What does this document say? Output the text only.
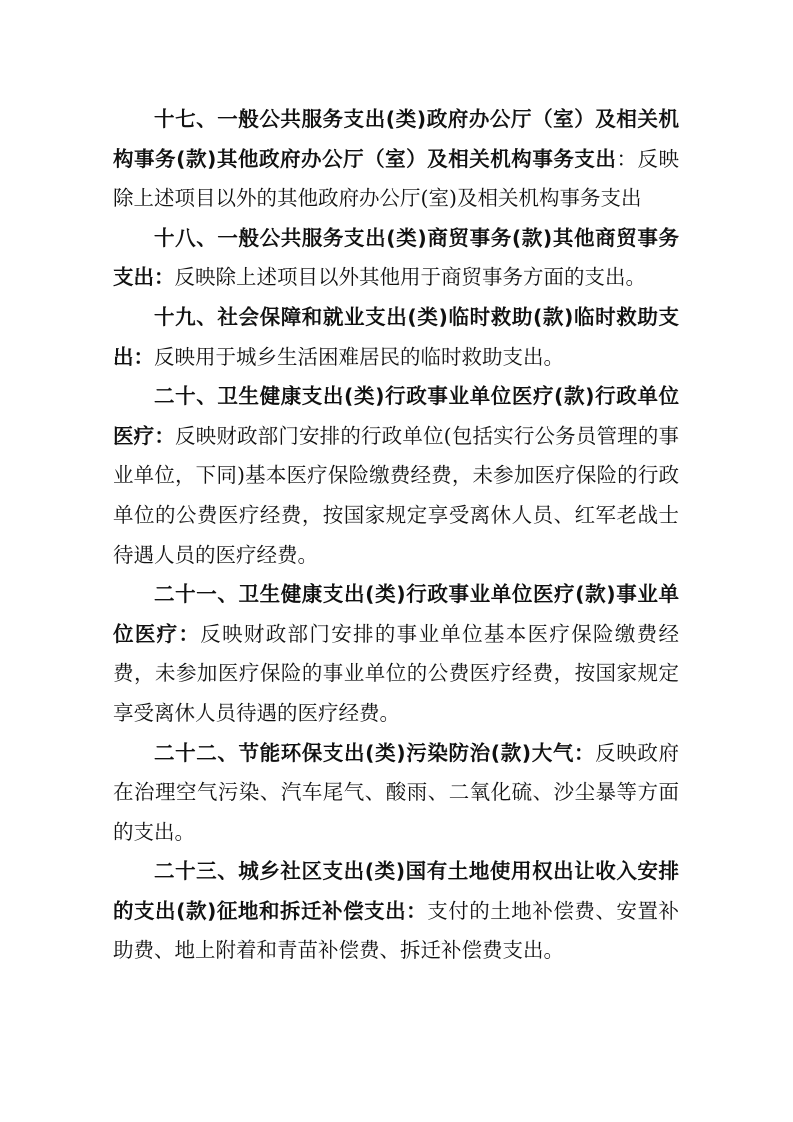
十七、一般公共服务支出(类)政府办公厅（室）及相关机构事务(款)其他政府办公厅（室）及相关机构事务支出：反映除上述项目以外的其他政府办公厅(室)及相关机构事务支出

十八、一般公共服务支出(类)商贸事务(款)其他商贸事务支出：反映除上述项目以外其他用于商贸事务方面的支出。

十九、社会保障和就业支出(类)临时救助(款)临时救助支出：反映用于城乡生活困难居民的临时救助支出。

二十、卫生健康支出(类)行政事业单位医疗(款)行政单位医疗：反映财政部门安排的行政单位(包括实行公务员管理的事业单位，下同)基本医疗保险缴费经费，未参加医疗保险的行政单位的公费医疗经费，按国家规定享受离休人员、红军老战士待遇人员的医疗经费。

二十一、卫生健康支出(类)行政事业单位医疗(款)事业单位医疗：反映财政部门安排的事业单位基本医疗保险缴费经费，未参加医疗保险的事业单位的公费医疗经费，按国家规定享受离休人员待遇的医疗经费。

二十二、节能环保支出(类)污染防治(款)大气：反映政府在治理空气污染、汽车尾气、酸雨、二氧化硫、沙尘暴等方面的支出。

二十三、城乡社区支出(类)国有土地使用权出让收入安排的支出(款)征地和拆迁补偿支出：支付的土地补偿费、安置补助费、地上附着和青苗补偿费、拆迁补偿费支出。
